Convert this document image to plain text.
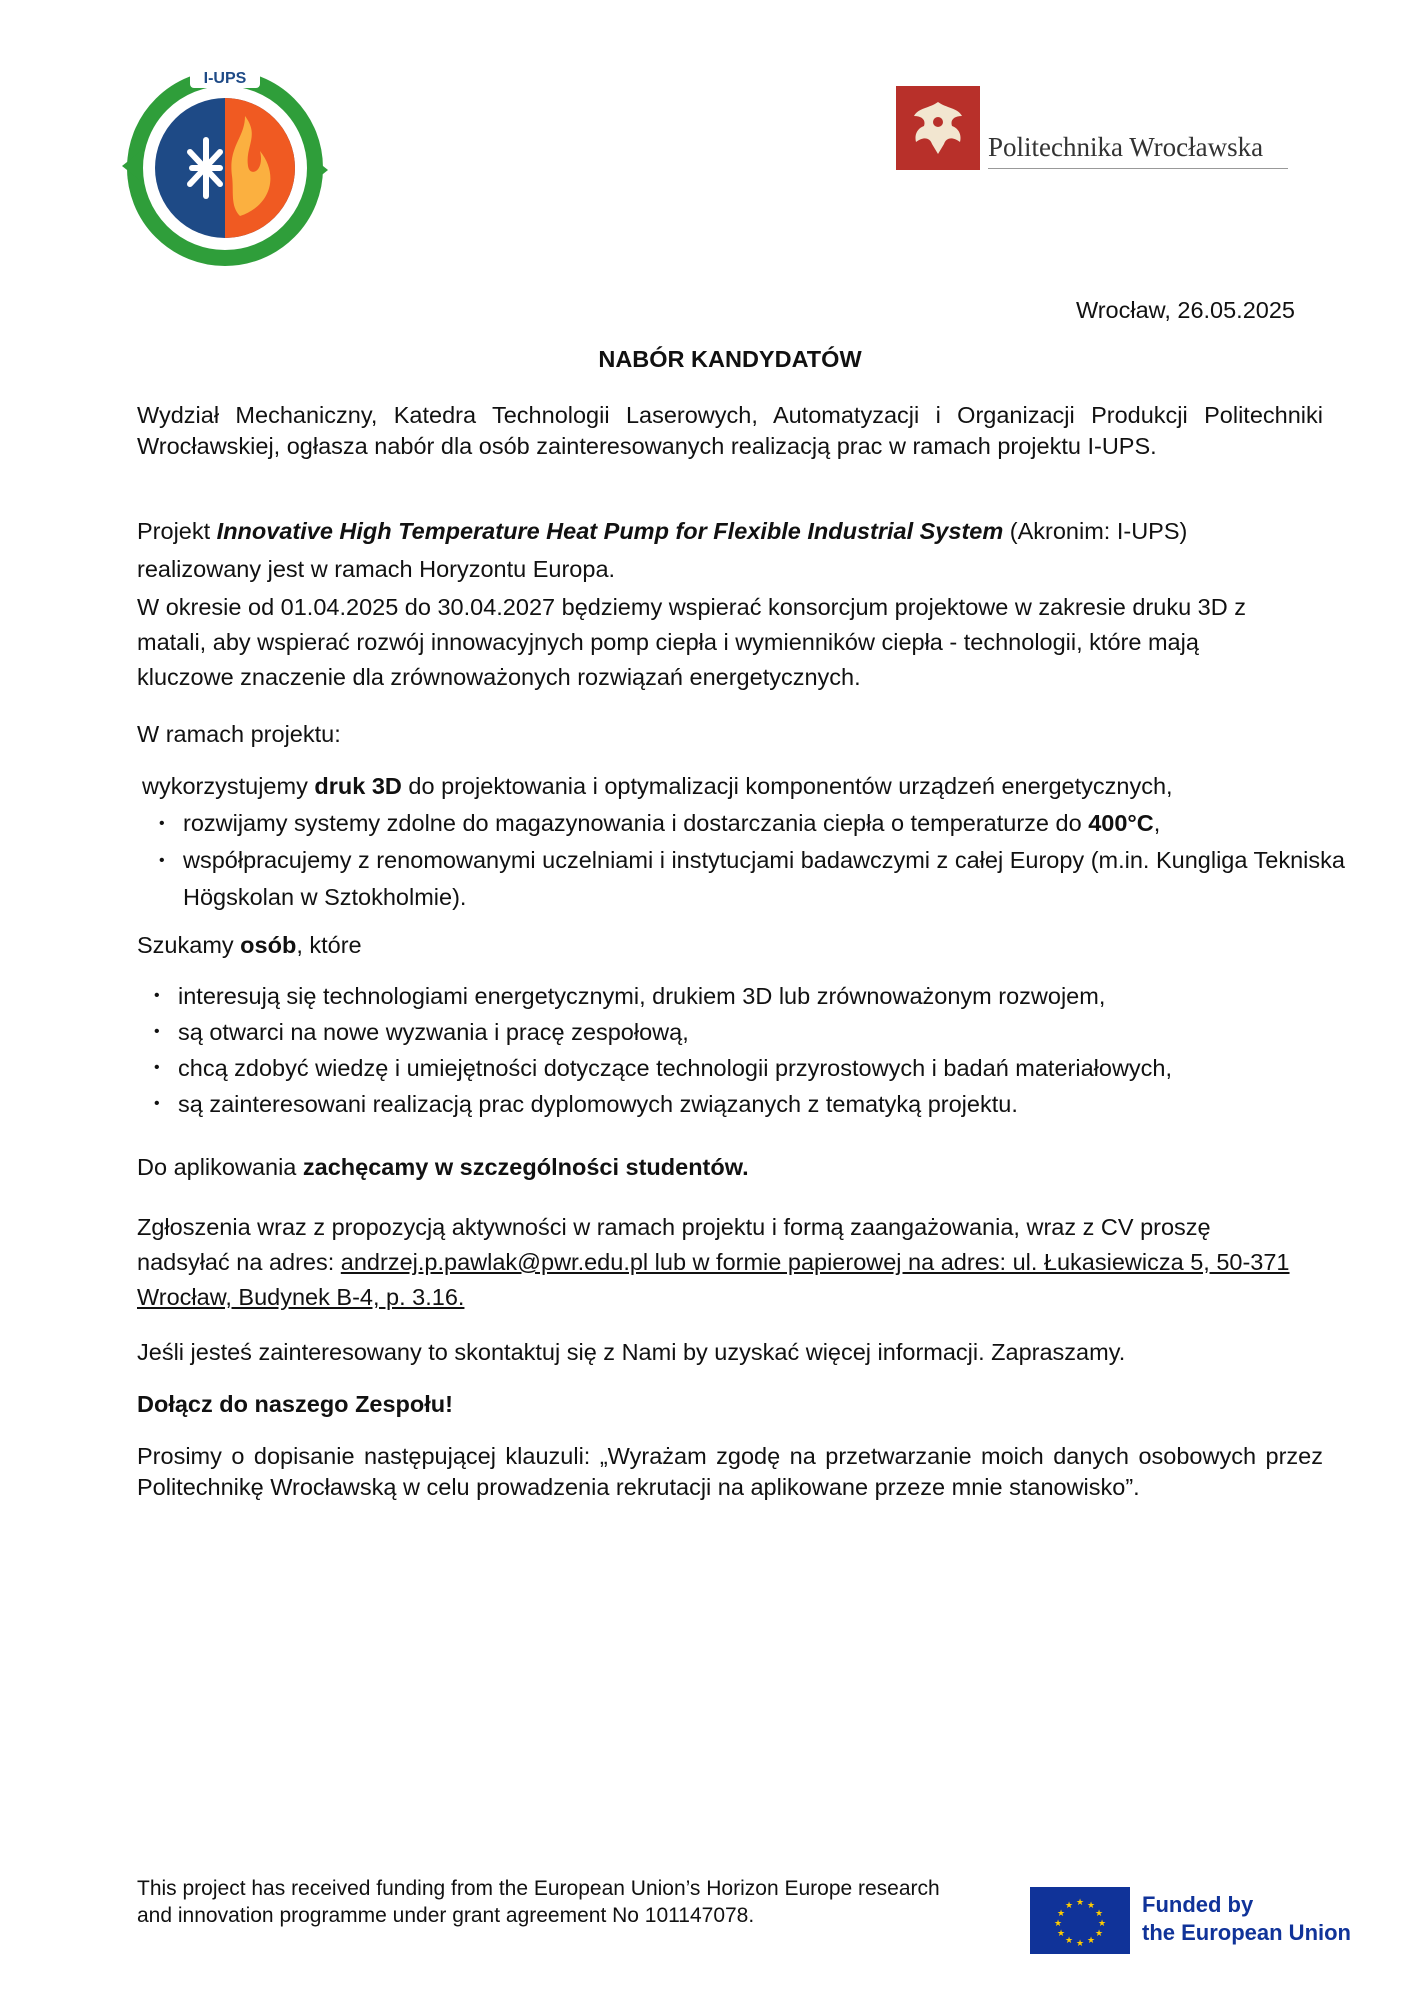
I-UPS
Politechnika Wrocławska
Wrocław, 26.05.2025
NABÓR KANDYDATÓW

Wydział Mechaniczny, Katedra Technologii Laserowych, Automatyzacji i Organizacji Produkcji Politechniki Wrocławskiej, ogłasza nabór dla osób zainteresowanych realizacją prac w ramach projektu I-UPS.

Projekt Innovative High Temperature Heat Pump for Flexible Industrial System (Akronim: I-UPS) realizowany jest w ramach Horyzontu Europa.

W okresie od 01.04.2025 do 30.04.2027 będziemy wspierać konsorcjum projektowe w zakresie druku 3D z matali, aby wspierać rozwój innowacyjnych pomp ciepła i wymienników ciepła - technologii, które mają kluczowe znaczenie dla zrównoważonych rozwiązań energetycznych.

W ramach projektu:

wykorzystujemy druk 3D do projektowania i optymalizacji komponentów urządzeń energetycznych,

• rozwijamy systemy zdolne do magazynowania i dostarczania ciepła o temperaturze do 400°C,
• współpracujemy z renomowanymi uczelniami i instytucjami badawczymi z całej Europy (m.in. Kungliga Tekniska Högskolan w Sztokholmie).
Szukamy osób, które
• interesują się technologiami energetycznymi, drukiem 3D lub zrównoważonym rozwojem,
• są otwarci na nowe wyzwania i pracę zespołową,
• chcą zdobyć wiedzę i umiejętności dotyczące technologii przyrostowych i badań materiałowych,
• są zainteresowani realizacją prac dyplomowych związanych z tematyką projektu.
Do aplikowania zachęcamy w szczególności studentów.
Zgłoszenia wraz z propozycją aktywności w ramach projektu i formą zaangażowania, wraz z CV proszę nadsyłać na adres: andrzej.p.pawlak@pwr.edu.pl lub w formie papierowej na adres: ul. Łukasiewicza 5, 50-371 Wrocław, Budynek B-4, p. 3.16.
Jeśli jesteś zainteresowany to skontaktuj się z Nami by uzyskać więcej informacji. Zapraszamy.
Dołącz do naszego Zespołu!
Prosimy o dopisanie następującej klauzuli: „Wyrażam zgodę na przetwarzanie moich danych osobowych przez Politechnikę Wrocławską w celu prowadzenia rekrutacji na aplikowane przeze mnie stanowisko”.
This project has received funding from the European Union’s Horizon Europe research and innovation programme under grant agreement No 101147078.
★ ★
★
★
★
★
★
★
★
★
★
★	Funded by
the European Union
